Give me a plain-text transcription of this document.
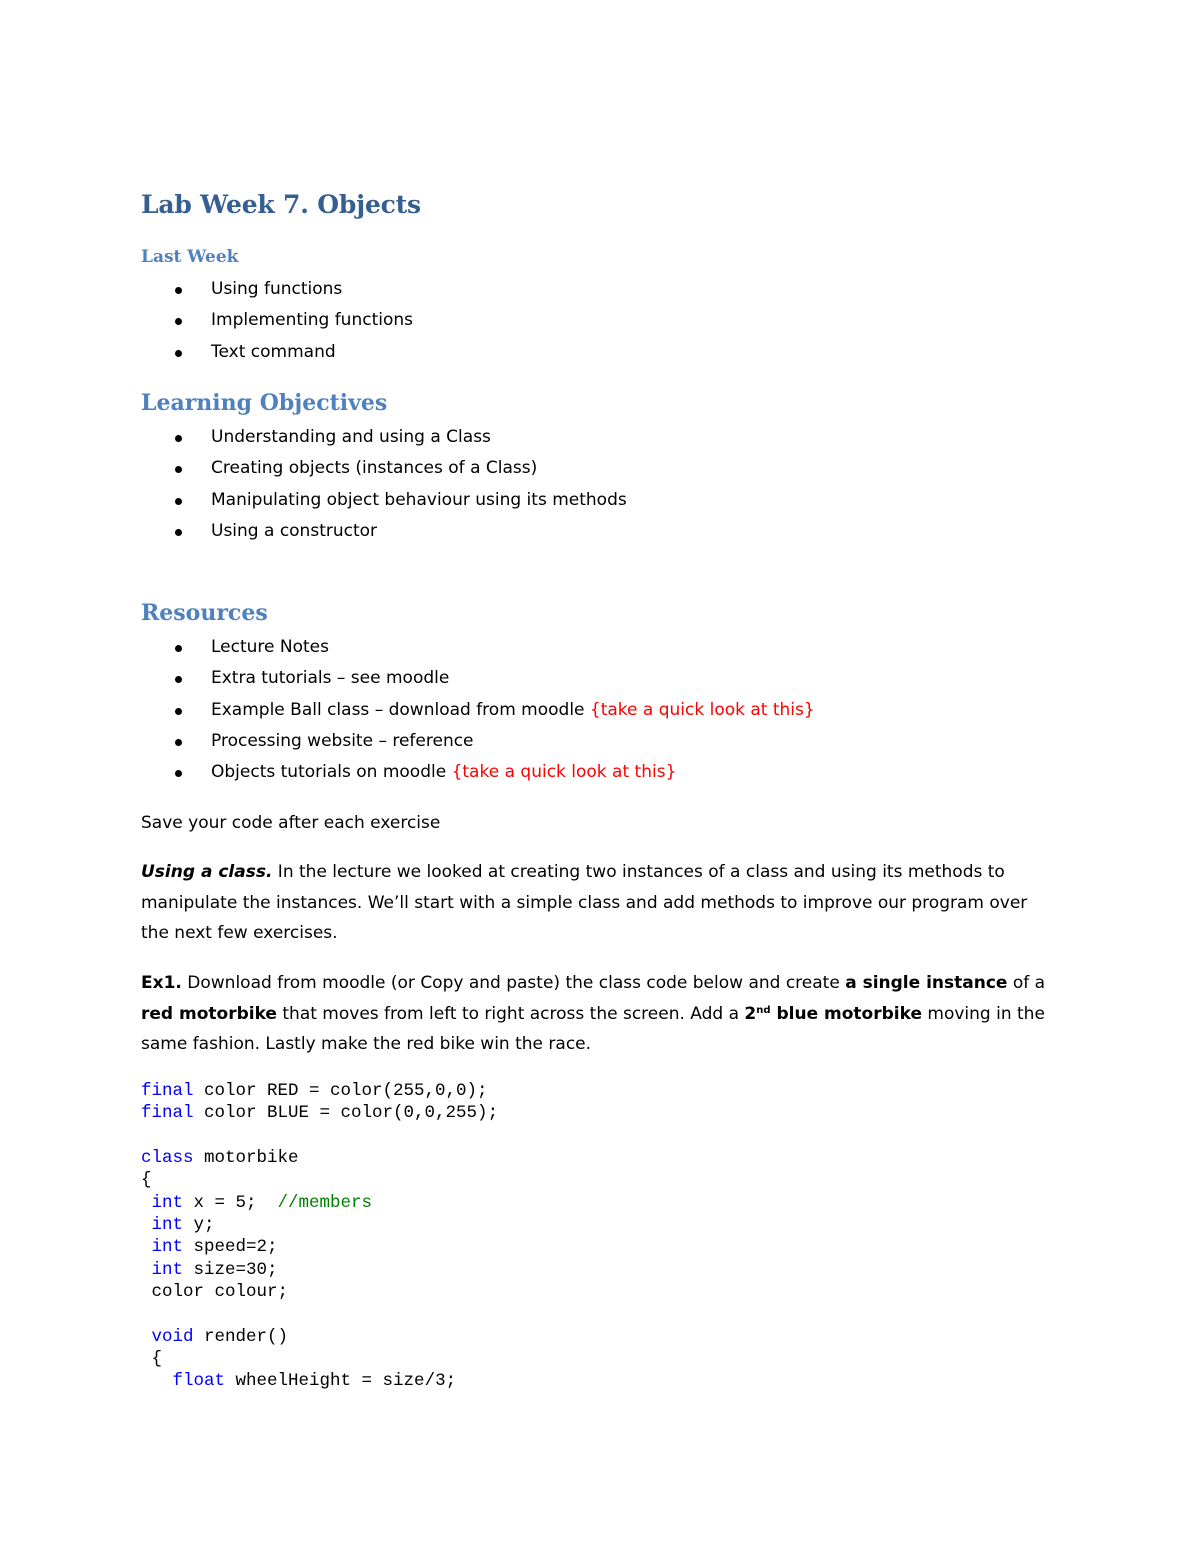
Lab Week 7. Objects
Last Week
Using functions
Implementing functions
Text command
Learning Objectives
Understanding and using a Class
Creating objects (instances of a Class)
Manipulating object behaviour using its methods
Using a constructor
Resources
Lecture Notes
Extra tutorials – see moodle
Example Ball class – download from moodle {take a quick look at this}
Processing website – reference
Objects tutorials on moodle {take a quick look at this}
Save your code after each exercise
Using a class. In the lecture we looked at creating two instances of a class and using its methods to
manipulate the instances. We’ll start with a simple class and add methods to improve our program over
the next few exercises.
Ex1. Download from moodle (or Copy and paste) the class code below and create a single instance of a
red motorbike that moves from left to right across the screen. Add a 2nd blue motorbike moving in the
same fashion. Lastly make the red bike win the race.
final color RED = color(255,0,0);
final color BLUE = color(0,0,255);
class motorbike
{
int x = 5;  //members
int y;
int speed=2;
int size=30;
color colour;
void render()
{
float wheelHeight = size/3;
